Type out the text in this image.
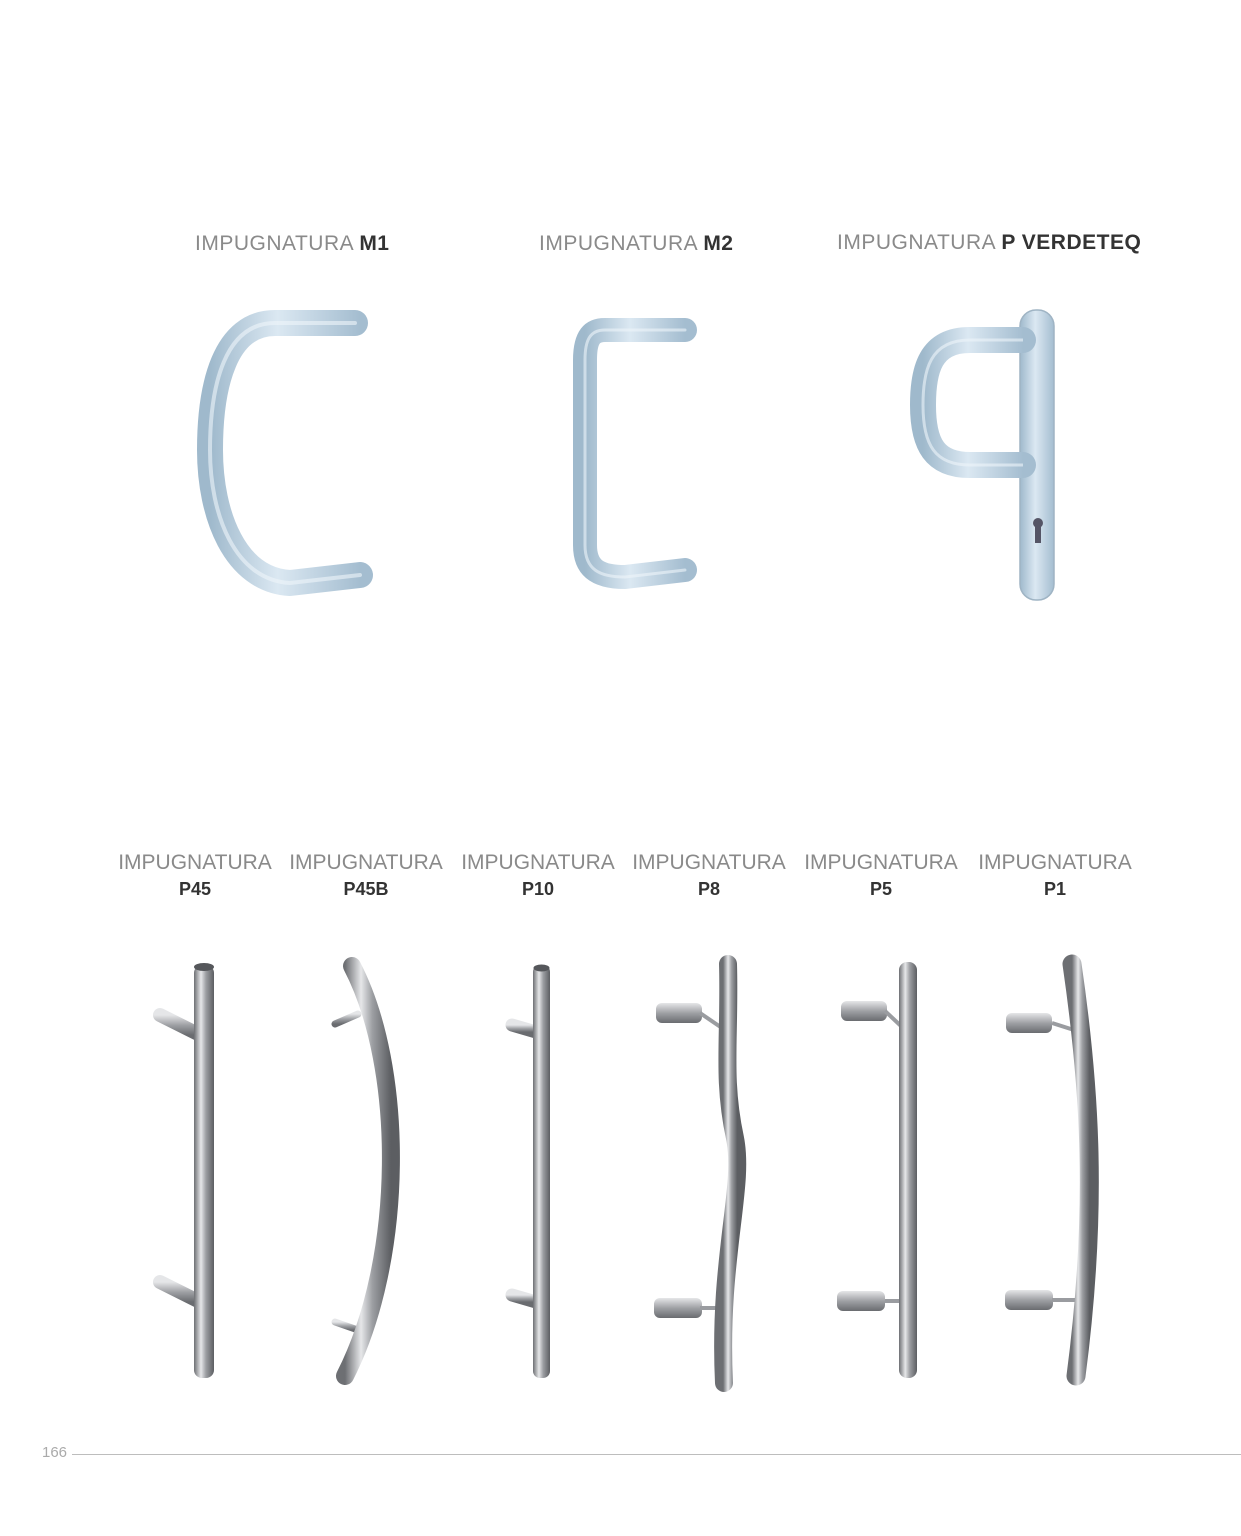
IMPUGNATURA M1	IMPUGNATURA M2	IMPUGNATURA P VERDETEQ
IMPUGNATURA
P45
IMPUGNATURA
P45B
IMPUGNATURA
P10
IMPUGNATURA
P8
IMPUGNATURA
P5
IMPUGNATURA
P1
166
